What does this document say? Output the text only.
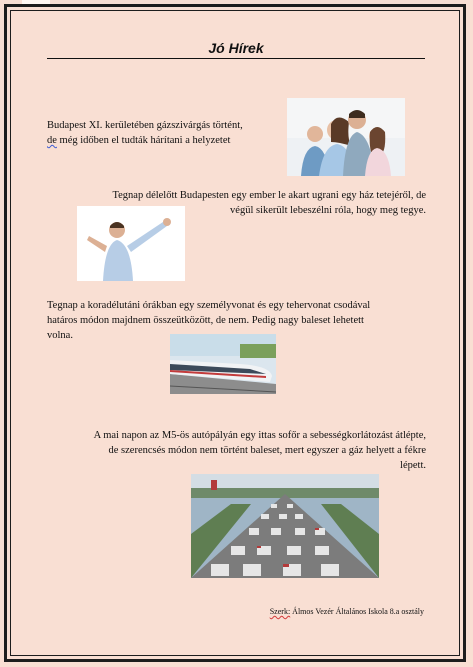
Jó Hírek
Budapest XI. kerületében gázszivárgás történt,
de még időben el tudták hárítani a helyzetet
Tegnap délelőtt Budapesten egy ember le akart ugrani egy ház tetejéről, de
végül sikerült lebeszélni róla, hogy meg tegye.
Tegnap a koradélutáni órákban egy személyvonat és egy tehervonat csodával
határos módon majdnem összeütközött, de nem. Pedig nagy baleset lehetett
volna.
A mai napon az M5-ös autópályán egy ittas sofőr a sebességkorlátozást átlépte,
de szerencsés módon nem történt baleset, mert egyszer a gáz helyett a fékre
lépett.
Szerk: Álmos Vezér Általános Iskola 8.a osztály
